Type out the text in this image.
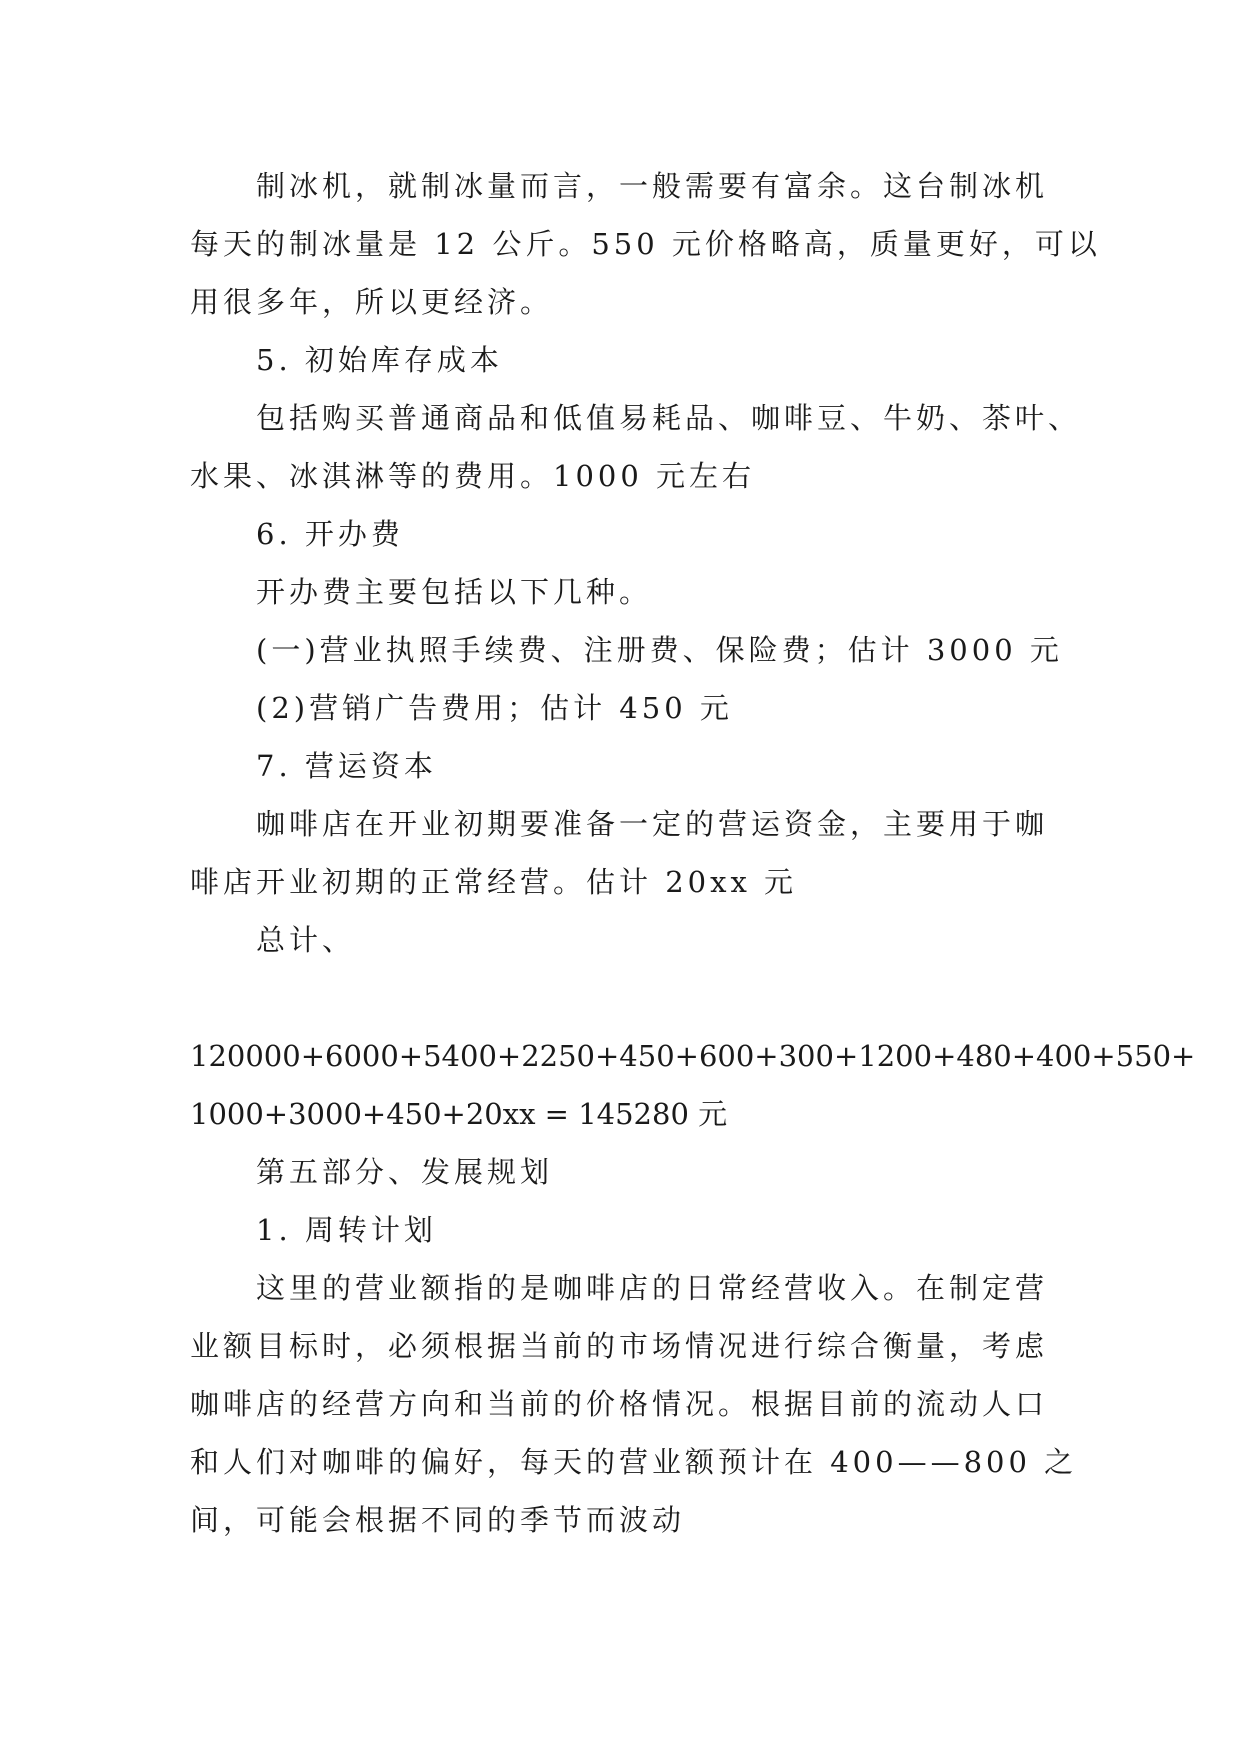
制冰机，就制冰量而言，一般需要有富余。这台制冰机
每天的制冰量是 12 公斤。550 元价格略高，质量更好，可以
用很多年，所以更经济。
5. 初始库存成本
包括购买普通商品和低值易耗品、咖啡豆、牛奶、茶叶、
水果、冰淇淋等的费用。1000 元左右
6. 开办费
开办费主要包括以下几种。
(一)营业执照手续费、注册费、保险费；估计 3000 元
(2)营销广告费用；估计 450 元
7. 营运资本
咖啡店在开业初期要准备一定的营运资金，主要用于咖
啡店开业初期的正常经营。估计 20xx 元
总计、
120000+6000+5400+2250+450+600+300+1200+480+400+550+
1000+3000+450+20xx = 145280 元
第五部分、发展规划
1. 周转计划
这里的营业额指的是咖啡店的日常经营收入。在制定营
业额目标时，必须根据当前的市场情况进行综合衡量，考虑
咖啡店的经营方向和当前的价格情况。根据目前的流动人口
和人们对咖啡的偏好，每天的营业额预计在 400——800 之
间，可能会根据不同的季节而波动
